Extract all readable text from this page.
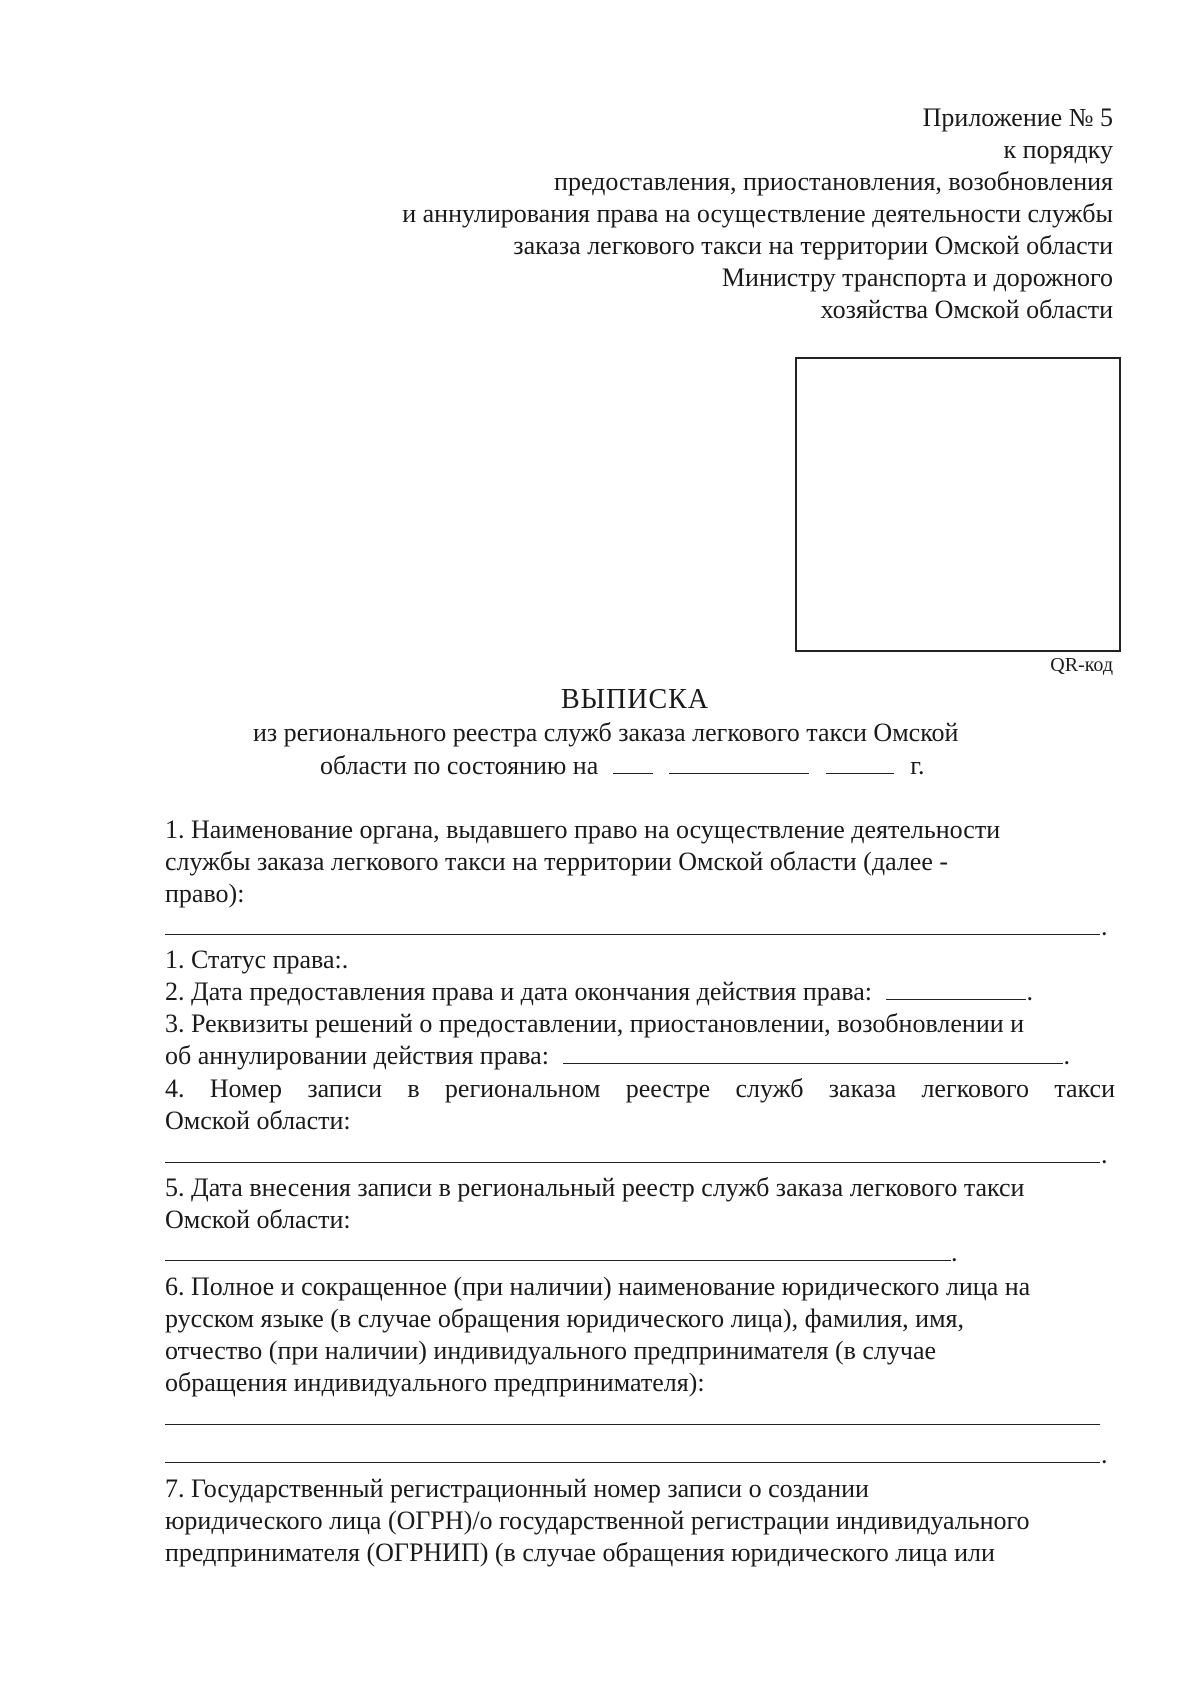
Приложение № 5
к порядку
предоставления, приостановления, возобновления
и аннулирования права на осуществление деятельности службы
заказа легкового такси на территории Омской области
Министру транспорта и дорожного
хозяйства Омской области
QR-код
ВЫПИСКА
из регионального реестра служб заказа легкового такси Омской
области по состоянию на	г.
1. Наименование органа, выдавшего право на осуществление деятельности
службы заказа легкового такси на территории Омской области (далее -
право):
.
1. Статус права:.
2. Дата предоставления права и дата окончания действия права:	.
3. Реквизиты решений о предоставлении, приостановлении, возобновлении и
об аннулировании действия права:	.
4. Номер записи в региональном реестре служб заказа легкового такси
Омской области:
.
5. Дата внесения записи в региональный реестр служб заказа легкового такси
Омской области:
.
6. Полное и сокращенное (при наличии) наименование юридического лица на
русском языке (в случае обращения юридического лица), фамилия, имя,
отчество (при наличии) индивидуального предпринимателя (в случае
обращения индивидуального предпринимателя):
.
7. Государственный регистрационный номер записи о создании
юридического лица (ОГРН)/о государственной регистрации индивидуального
предпринимателя (ОГРНИП) (в случае обращения юридического лица или
